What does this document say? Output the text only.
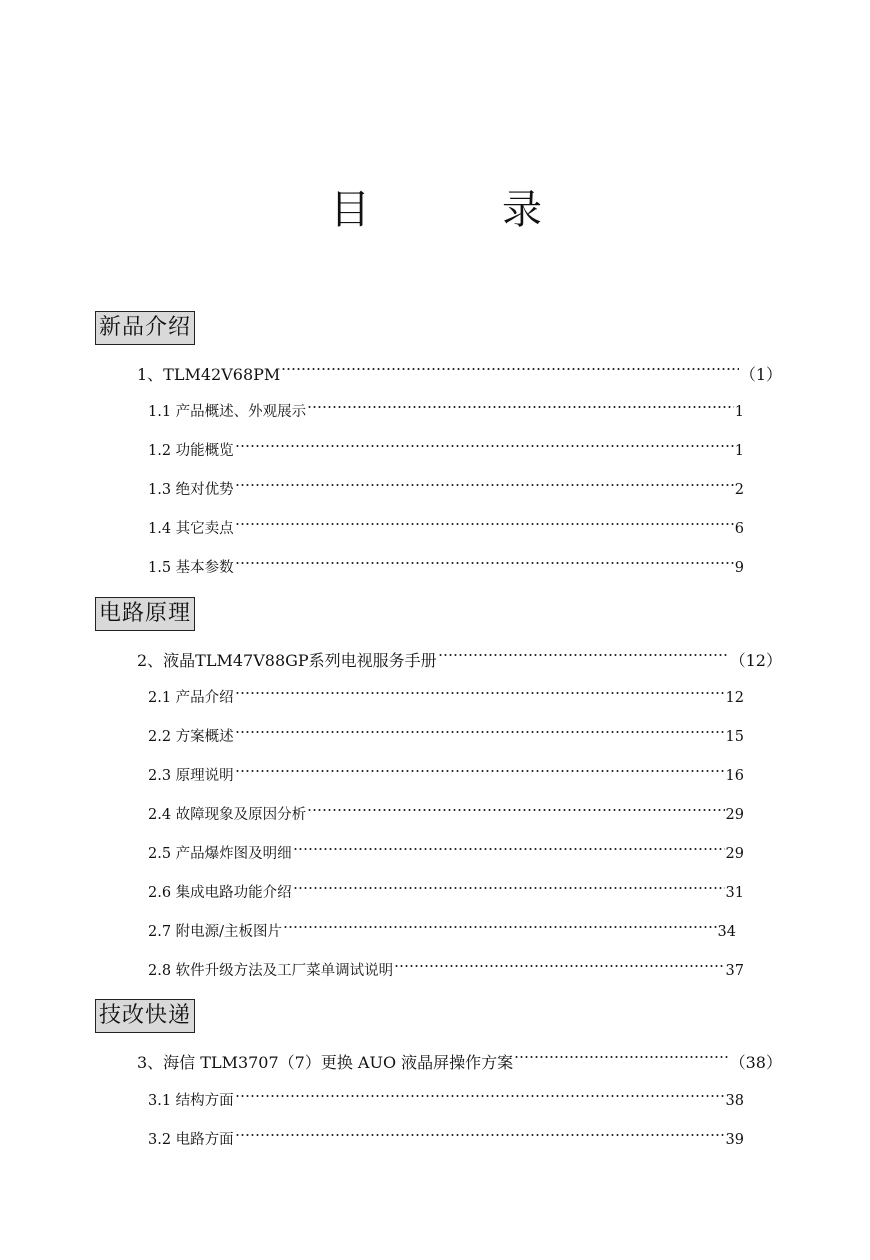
目	录
新品介绍
1、TLM42V68PM	（1）
1.1 产品概述、外观展示	1
1.2 功能概览	1
1.3 绝对优势	2
1.4 其它卖点	6
1.5 基本参数	9
电路原理
2、液晶TLM47V88GP系列电视服务手册	（12）
2.1 产品介绍	12
2.2 方案概述	15
2.3 原理说明	16
2.4 故障现象及原因分析	29
2.5 产品爆炸图及明细	29
2.6 集成电路功能介绍	31
2.7 附电源/主板图片	34
2.8 软件升级方法及工厂菜单调试说明	37
技改快递
3、海信 TLM3707（7）更换 AUO 液晶屏操作方案	（38）
3.1 结构方面	38
3.2 电路方面	39
